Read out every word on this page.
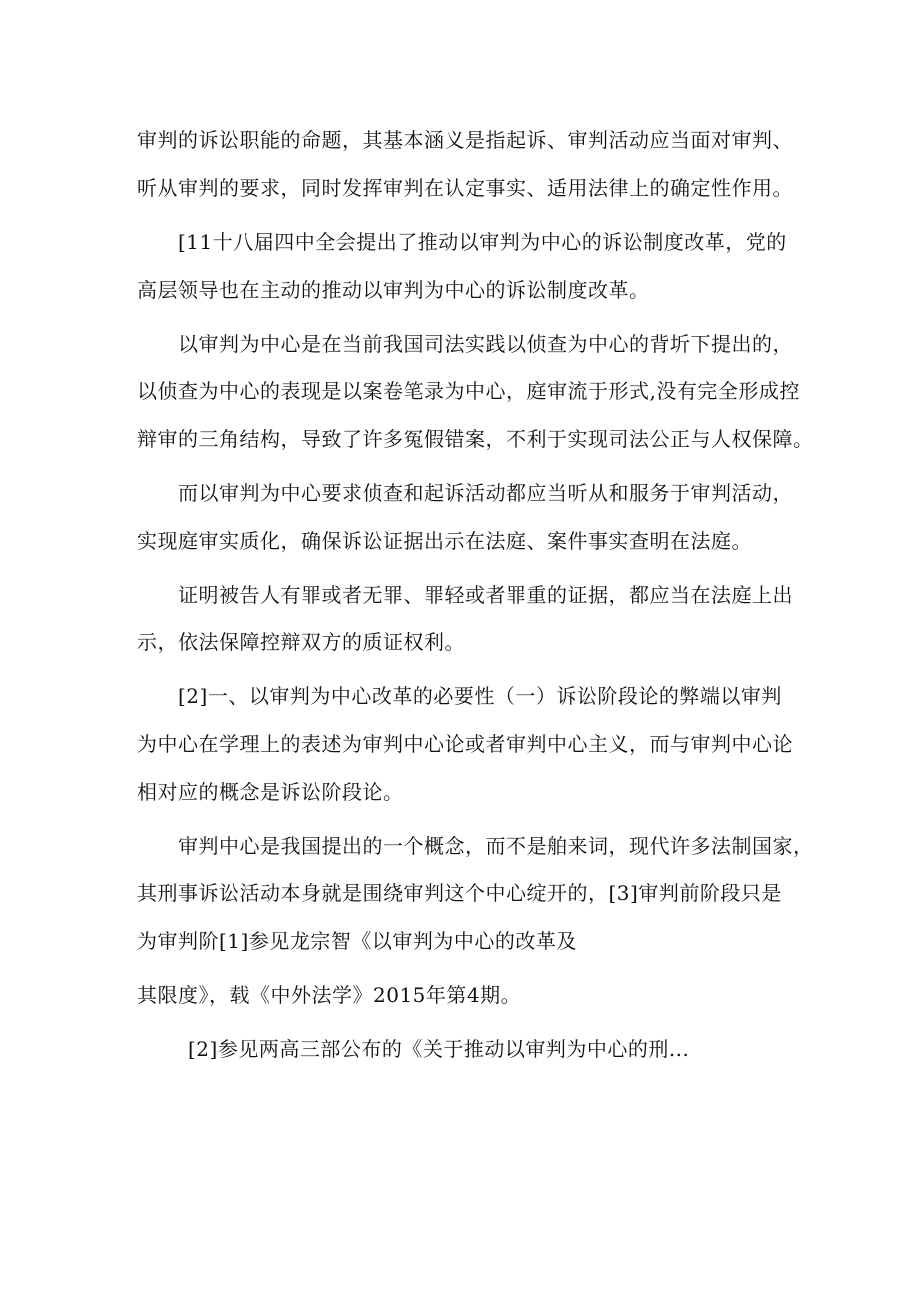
审判的诉讼职能的命题，其基本涵义是指起诉、审判活动应当面对审判、
听从审判的要求，同时发挥审判在认定事实、适用法律上的确定性作用。
[11十八届四中全会提出了推动以审判为中心的诉讼制度改革，党的
高层领导也在主动的推动以审判为中心的诉讼制度改革。
以审判为中心是在当前我国司法实践以侦查为中心的背圻下提出的，
以侦查为中心的表现是以案卷笔录为中心，庭审流于形式,没有完全形成控
辩审的三角结构，导致了许多冤假错案，不利于实现司法公正与人权保障。
而以审判为中心要求侦查和起诉活动都应当听从和服务于审判活动，
实现庭审实质化，确保诉讼证据出示在法庭、案件事实查明在法庭。
证明被告人有罪或者无罪、罪轻或者罪重的证据，都应当在法庭上出
示，依法保障控辩双方的质证权利。
[2]一、以审判为中心改革的必要性（一）诉讼阶段论的弊端以审判
为中心在学理上的表述为审判中心论或者审判中心主义，而与审判中心论
相对应的概念是诉讼阶段论。
审判中心是我国提出的一个概念，而不是舶来词，现代许多法制国家，
其刑事诉讼活动本身就是围绕审判这个中心绽开的，[3]审判前阶段只是
为审判阶[1]参见龙宗智《以审判为中心的改革及
其限度》，载《中外法学》2015年第4期。
[2]参见两高三部公布的《关于推动以审判为中心的刑...
